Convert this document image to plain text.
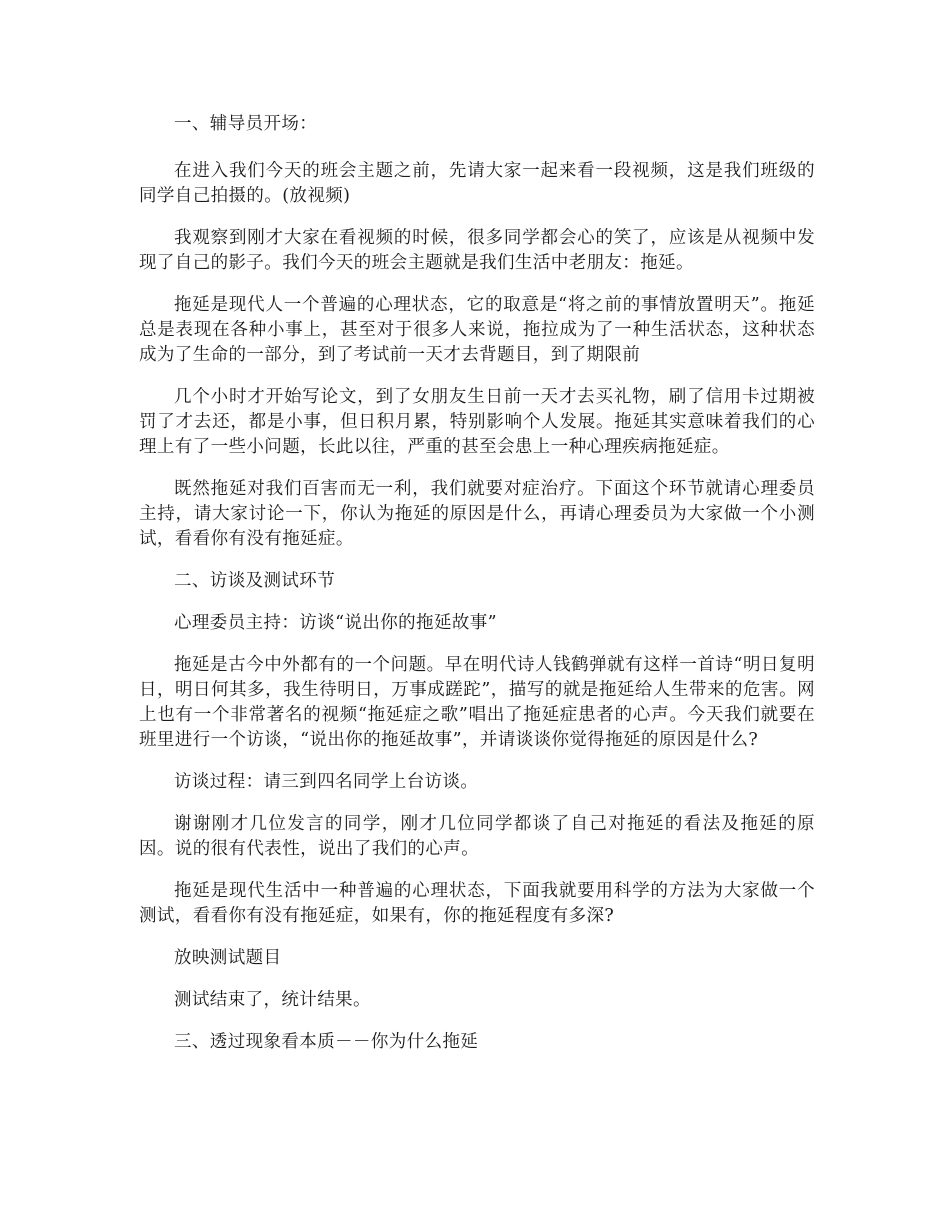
一、辅导员开场：

在进入我们今天的班会主题之前，先请大家一起来看一段视频，这是我们班级的同学自己拍摄的。(放视频)

我观察到刚才大家在看视频的时候，很多同学都会心的笑了，应该是从视频中发现了自己的影子。我们今天的班会主题就是我们生活中老朋友：拖延。

拖延是现代人一个普遍的心理状态，它的取意是“将之前的事情放置明天”。拖延总是表现在各种小事上，甚至对于很多人来说，拖拉成为了一种生活状态，这种状态成为了生命的一部分，到了考试前一天才去背题目，到了期限前

几个小时才开始写论文，到了女朋友生日前一天才去买礼物，刷了信用卡过期被罚了才去还，都是小事，但日积月累，特别影响个人发展。拖延其实意味着我们的心理上有了一些小问题，长此以往，严重的甚至会患上一种心理疾病拖延症。

既然拖延对我们百害而无一利，我们就要对症治疗。下面这个环节就请心理委员主持，请大家讨论一下，你认为拖延的原因是什么，再请心理委员为大家做一个小测试，看看你有没有拖延症。

二、访谈及测试环节

心理委员主持：访谈“说出你的拖延故事”

拖延是古今中外都有的一个问题。早在明代诗人钱鹤弹就有这样一首诗“明日复明日，明日何其多，我生待明日，万事成蹉跎”，描写的就是拖延给人生带来的危害。网上也有一个非常著名的视频“拖延症之歌”唱出了拖延症患者的心声。今天我们就要在班里进行一个访谈，“说出你的拖延故事”，并请谈谈你觉得拖延的原因是什么?

访谈过程：请三到四名同学上台访谈。

谢谢刚才几位发言的同学，刚才几位同学都谈了自己对拖延的看法及拖延的原因。说的很有代表性，说出了我们的心声。

拖延是现代生活中一种普遍的心理状态，下面我就要用科学的方法为大家做一个测试，看看你有没有拖延症，如果有，你的拖延程度有多深?

放映测试题目

测试结束了，统计结果。

三、透过现象看本质－－你为什么拖延
